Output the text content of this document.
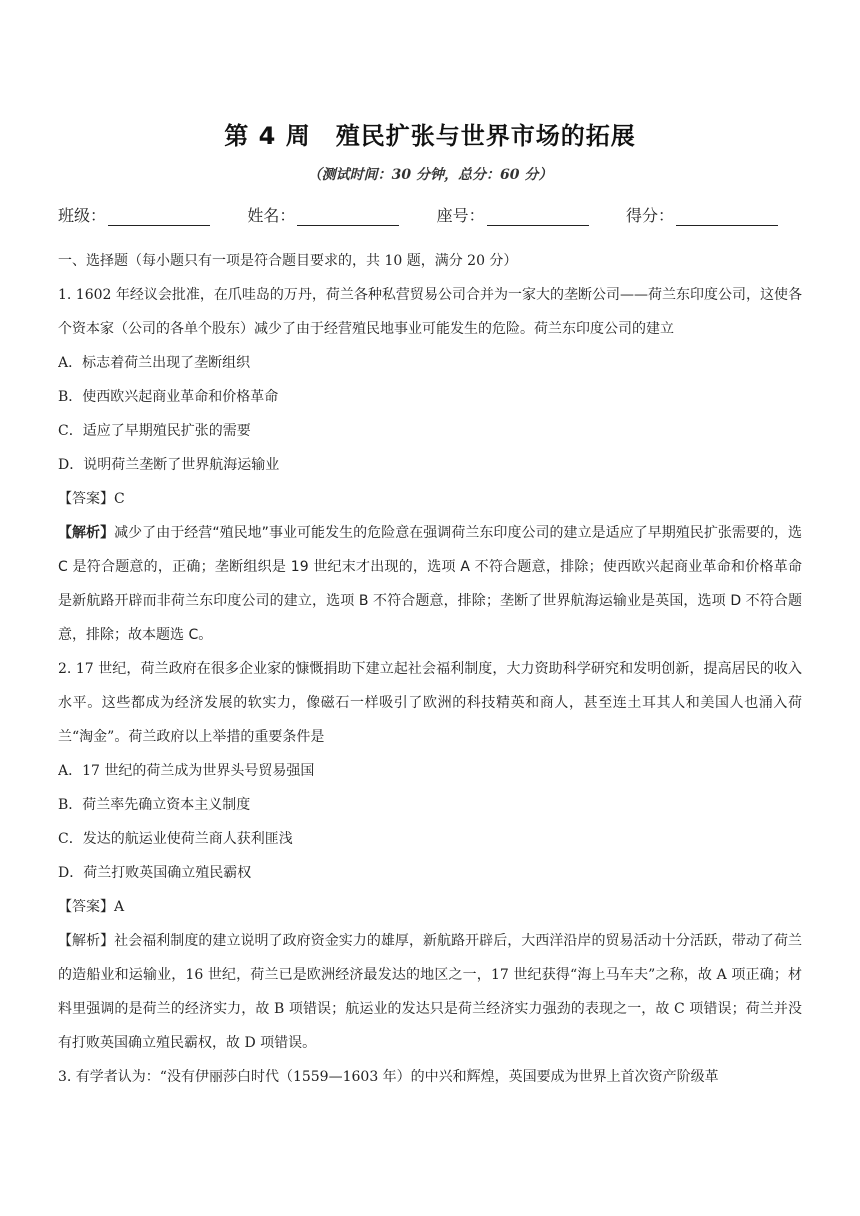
第 4 周　殖民扩张与世界市场的拓展
（测试时间：30 分钟，总分：60 分）
班级：	姓名：	座号：	得分：
一、选择题（每小题只有一项是符合题目要求的，共 10 题，满分 20 分）
1. 1602 年经议会批准，在爪哇岛的万丹，荷兰各种私营贸易公司合并为一家大的垄断公司——荷兰东印度公司，这使各个资本家（公司的各单个股东）减少了由于经营殖民地事业可能发生的危险。荷兰东印度公司的建立
A．标志着荷兰出现了垄断组织
B．使西欧兴起商业革命和价格革命
C．适应了早期殖民扩张的需要
D．说明荷兰垄断了世界航海运输业
【答案】C
【解析】减少了由于经营“殖民地”事业可能发生的危险意在强调荷兰东印度公司的建立是适应了早期殖民扩张需要的，选 C 是符合题意的，正确；垄断组织是 19 世纪末才出现的，选项 A 不符合题意，排除；使西欧兴起商业革命和价格革命是新航路开辟而非荷兰东印度公司的建立，选项 B 不符合题意，排除；垄断了世界航海运输业是英国，选项 D 不符合题意，排除；故本题选 C。
2. 17 世纪，荷兰政府在很多企业家的慷慨捐助下建立起社会福利制度，大力资助科学研究和发明创新，提高居民的收入水平。这些都成为经济发展的软实力，像磁石一样吸引了欧洲的科技精英和商人，甚至连土耳其人和美国人也涌入荷兰“淘金”。荷兰政府以上举措的重要条件是
A．17 世纪的荷兰成为世界头号贸易强国
B．荷兰率先确立资本主义制度
C．发达的航运业使荷兰商人获利匪浅
D．荷兰打败英国确立殖民霸权
【答案】A
【解析】社会福利制度的建立说明了政府资金实力的雄厚，新航路开辟后，大西洋沿岸的贸易活动十分活跃，带动了荷兰的造船业和运输业，16 世纪，荷兰已是欧洲经济最发达的地区之一，17 世纪获得“海上马车夫”之称，故 A 项正确；材料里强调的是荷兰的经济实力，故 B 项错误；航运业的发达只是荷兰经济实力强劲的表现之一，故 C 项错误；荷兰并没有打败英国确立殖民霸权，故 D 项错误。
3. 有学者认为：“没有伊丽莎白时代（1559—1603 年）的中兴和辉煌，英国要成为世界上首次资产阶级革
